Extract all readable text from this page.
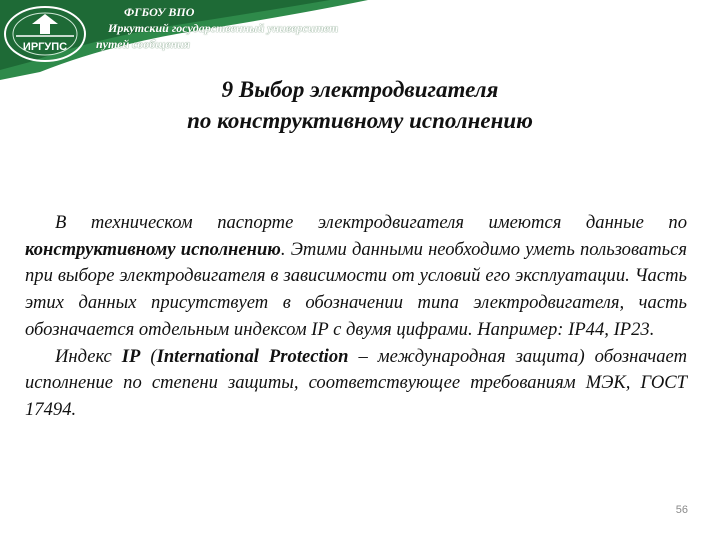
ИРГУПС
ФГБОУ ВПО
Иркутский государственный университет
путей сообщения
9 Выбор электродвигателя
по конструктивному исполнению

В техническом паспорте электродвигателя имеются данные по конструктивному исполнению. Этими данными необходимо уметь пользоваться при выборе электродвигателя в зависимости от условий его эксплуатации. Часть этих данных присутствует в обозначении типа электродвигателя, часть обозначается отдельным индексом IP с двумя цифрами. Например: IP44, IP23.

Индекс IP (International Protection – международная защита) обозначает исполнение по степени защиты, соответствующее требованиям МЭК, ГОСТ 17494.

56
